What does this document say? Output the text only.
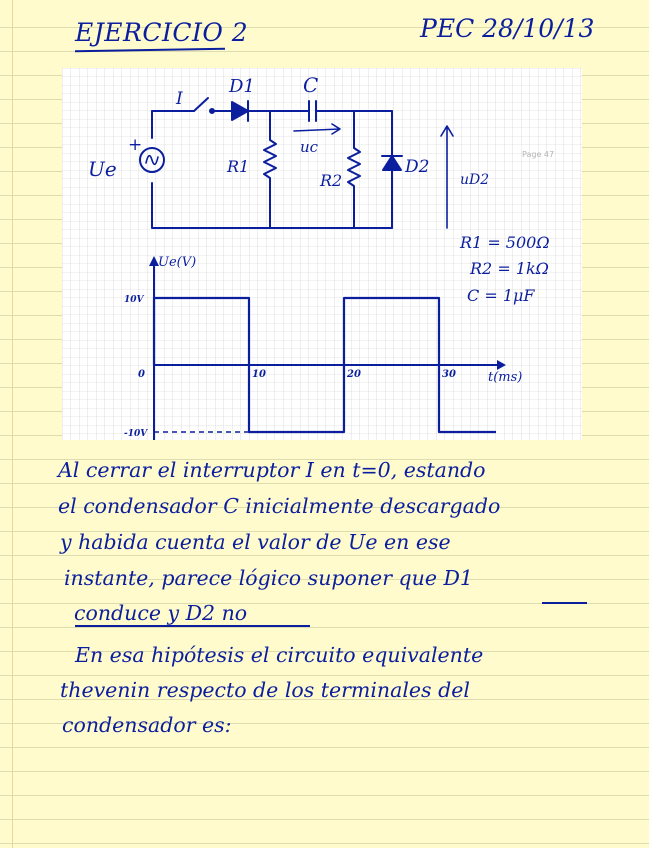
EJERCICIO 2	PEC 28/10/13
I
D1 C
uc
R1
R2
D2
uD2
Ue
+	Page 47
R1 = 500Ω
R2 = 1kΩ
C = 1μF
Ue(V)
t(ms)
0	10	20	30
10V
-10V
Al cerrar el interruptor I en t=0, estando
el condensador C inicialmente descargado
y habida cuenta el valor de Ue en ese
instante, parece lógico suponer que D1
conduce y D2 no
En esa hipótesis el circuito equivalente
thevenin respecto de los terminales del
condensador es:
